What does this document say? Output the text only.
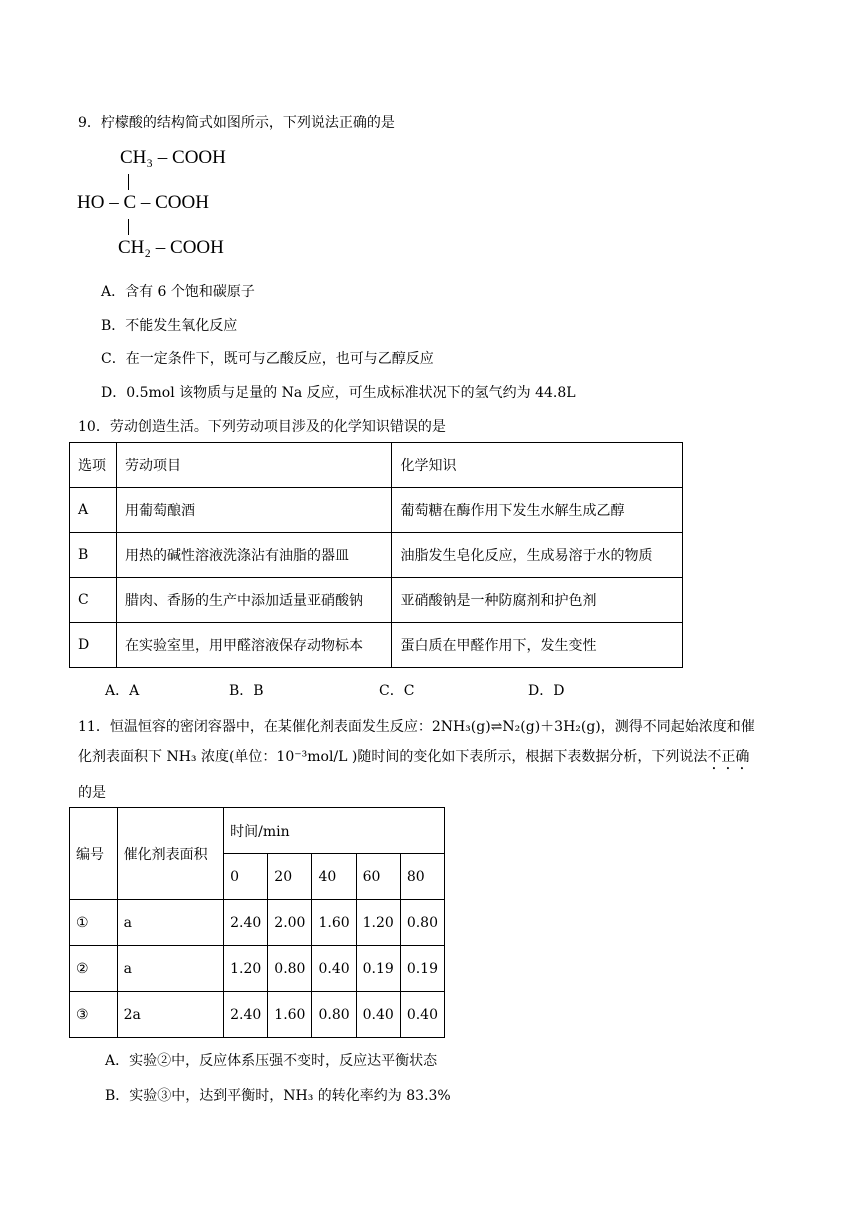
9．柠檬酸的结构简式如图所示，下列说法正确的是
CH₃ – COOH
HO – C – COOH
CH₂ – COOH
A．含有 6 个饱和碳原子
B．不能发生氧化反应
C．在一定条件下，既可与乙酸反应，也可与乙醇反应
D．0.5mol 该物质与足量的 Na 反应，可生成标准状况下的氢气约为 44.8L
10．劳动创造生活。下列劳动项目涉及的化学知识错误的是
选项	劳动项目	化学知识
A	用葡萄酿酒	葡萄糖在酶作用下发生水解生成乙醇
B	用热的碱性溶液洗涤沾有油脂的器皿	油脂发生皂化反应，生成易溶于水的物质
C	腊肉、香肠的生产中添加适量亚硝酸钠	亚硝酸钠是一种防腐剂和护色剂
D	在实验室里，用甲醛溶液保存动物标本	蛋白质在甲醛作用下，发生变性
A．A	B．B	C．C	D．D
11．恒温恒容的密闭容器中，在某催化剂表面发生反应：2NH₃(g)⇌N₂(g)＋3H₂(g)，测得不同起始浓度和催
化剂表面积下 NH₃ 浓度(单位：10⁻³mol/L )随时间的变化如下表所示，根据下表数据分析，下列说法不正确
的是
编号	催化剂表面积	时间/min				
		0	20	40	60	80
①	a	2.40	2.00	1.60	1.20	0.80
②	a	1.20	0.80	0.40	0.19	0.19
③	2a	2.40	1.60	0.80	0.40	0.40
A．实验②中，反应体系压强不变时，反应达平衡状态
B．实验③中，达到平衡时，NH₃ 的转化率约为 83.3%
